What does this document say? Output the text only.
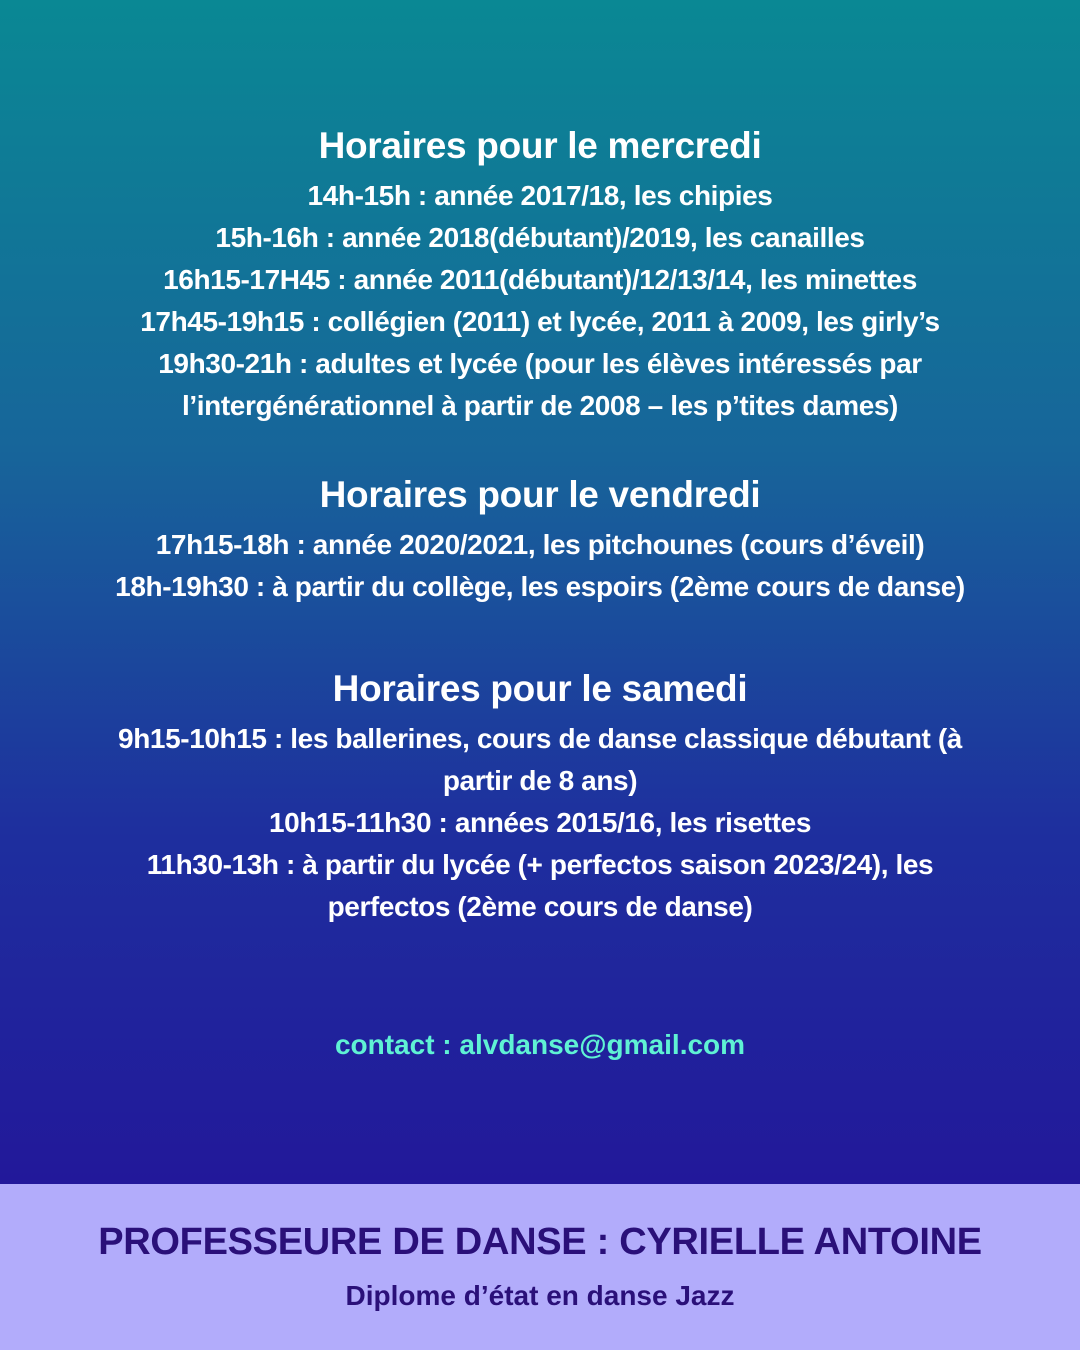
Horaires pour le mercredi
14h-15h : année 2017/18, les chipies
15h-16h : année 2018(débutant)/2019, les canailles
16h15-17H45 : année 2011(débutant)/12/13/14, les minettes
17h45-19h15 : collégien (2011) et lycée, 2011 à 2009, les girly’s
19h30-21h : adultes et lycée (pour les élèves intéressés par
l’intergénérationnel à partir de 2008 – les p’tites dames)
Horaires pour le vendredi
17h15-18h : année 2020/2021, les pitchounes (cours d’éveil)
18h-19h30 : à partir du collège, les espoirs (2ème cours de danse)
Horaires pour le samedi
9h15-10h15 : les ballerines, cours de danse classique débutant (à
partir de 8 ans)
10h15-11h30 : années 2015/16, les risettes
11h30-13h : à partir du lycée (+ perfectos saison 2023/24), les
perfectos (2ème cours de danse)
contact : alvdanse@gmail.com
PROFESSEURE DE DANSE : CYRIELLE ANTOINE
Diplome d’état en danse Jazz
